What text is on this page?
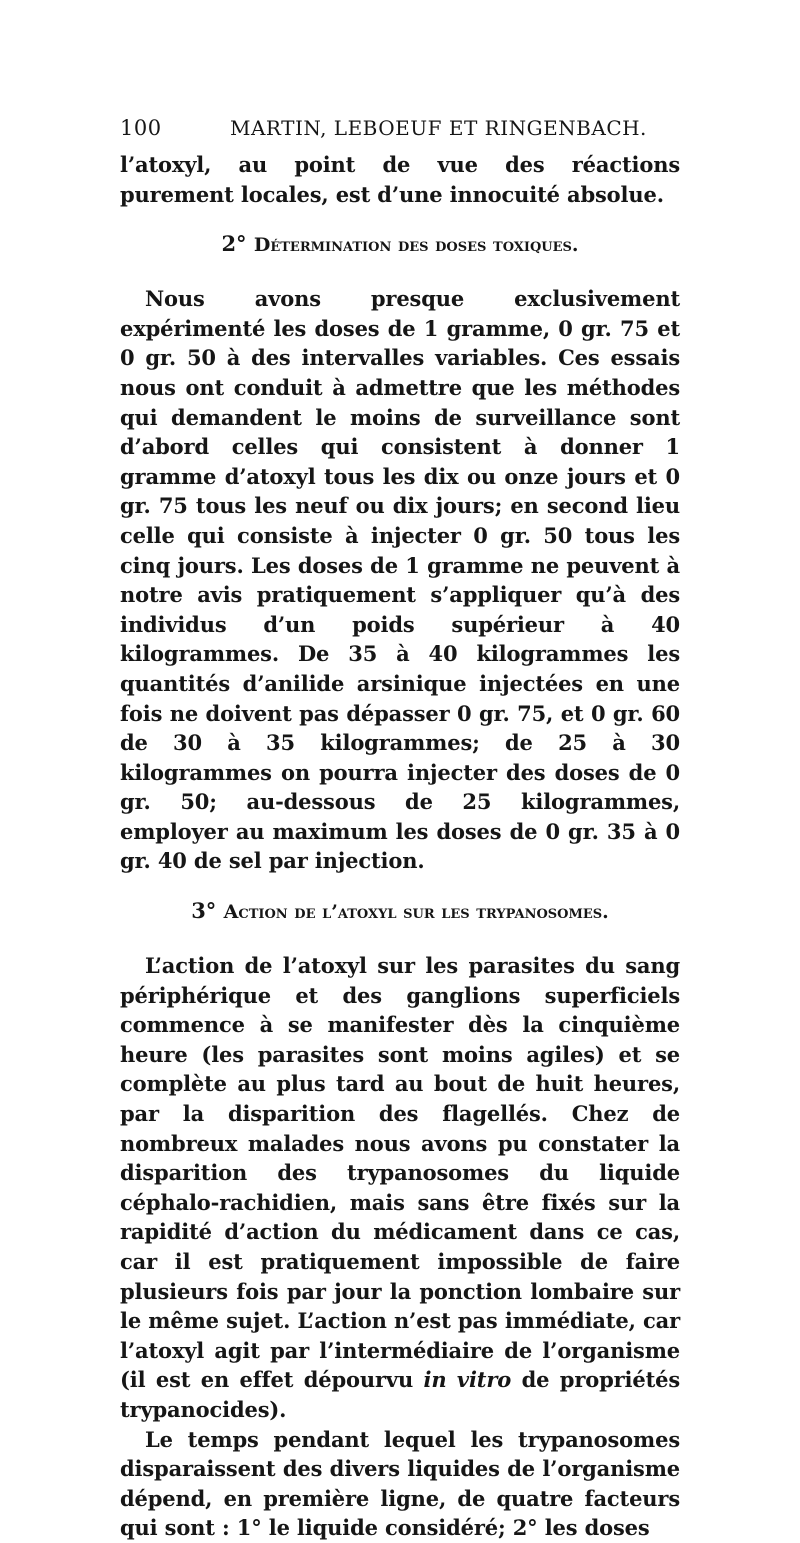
100	MARTIN, LEBOEUF ET RINGENBACH.

l’atoxyl, au point de vue des réactions purement locales, est d’une innocuité absolue.

2° Détermination des doses toxiques.

Nous avons presque exclusivement expérimenté les doses de 1 gramme, 0 gr. 75 et 0 gr. 50 à des intervalles variables. Ces essais nous ont conduit à admettre que les méthodes qui demandent le moins de surveillance sont d’abord celles qui consistent à donner 1 gramme d’atoxyl tous les dix ou onze jours et 0 gr. 75 tous les neuf ou dix jours; en second lieu celle qui consiste à injecter 0 gr. 50 tous les cinq jours. Les doses de 1 gramme ne peuvent à notre avis pratiquement s’appliquer qu’à des individus d’un poids supérieur à 40 kilogrammes. De 35 à 40 kilogrammes les quantités d’anilide arsinique injectées en une fois ne doivent pas dépasser 0 gr. 75, et 0 gr. 60 de 30 à 35 kilogrammes; de 25 à 30 kilogrammes on pourra injecter des doses de 0 gr. 50; au-dessous de 25 kilogrammes, employer au maximum les doses de 0 gr. 35 à 0 gr. 40 de sel par injection.

3° Action de l’atoxyl sur les trypanosomes.

L’action de l’atoxyl sur les parasites du sang périphérique et des ganglions superficiels commence à se manifester dès la cinquième heure (les parasites sont moins agiles) et se complète au plus tard au bout de huit heures, par la disparition des flagellés. Chez de nombreux malades nous avons pu constater la disparition des trypanosomes du liquide céphalo-rachidien, mais sans être fixés sur la rapidité d’action du médicament dans ce cas, car il est pratiquement impossible de faire plusieurs fois par jour la ponction lombaire sur le même sujet. L’action n’est pas immédiate, car l’atoxyl agit par l’intermédiaire de l’organisme (il est en effet dépourvu in vitro de propriétés trypanocides).

Le temps pendant lequel les trypanosomes disparaissent des divers liquides de l’organisme dépend, en première ligne, de quatre facteurs qui sont : 1° le liquide considéré; 2° les doses
